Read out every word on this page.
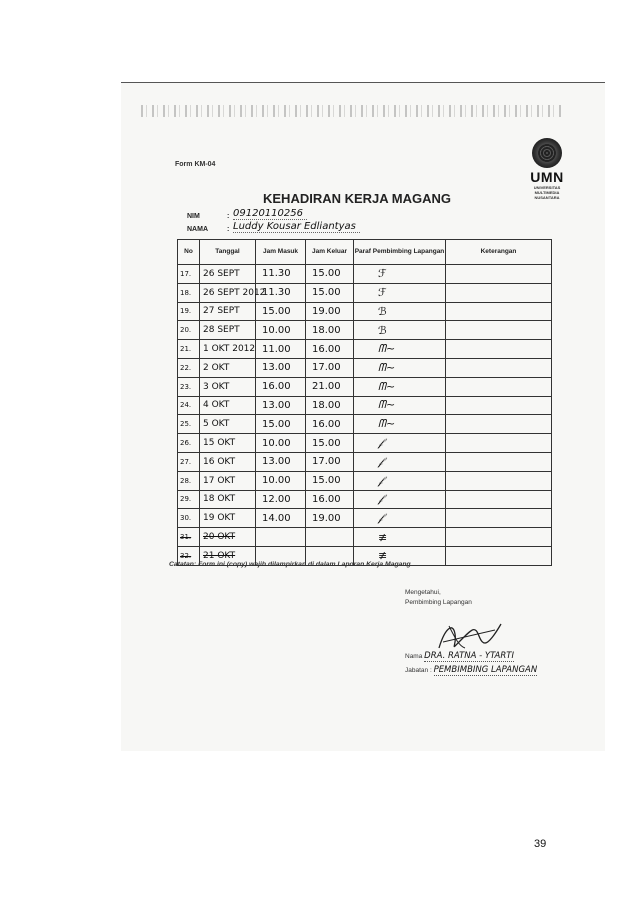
Form KM-04
UMN
UNIVERSITAS
MULTIMEDIA
NUSANTARA
KEHADIRAN KERJA MAGANG
NIM	: 09120110256
NAMA	: Luddy Kousar Edliantyas
No	Tanggal	Jam Masuk	Jam Keluar	Paraf Pembimbing Lapangan	Keterangan
17.	26 SEPT	11.30	15.00	ℱ	
18.	26 SEPT 2012	11.30	15.00	ℱ	
19.	27 SEPT	15.00	19.00	ℬ	
20.	28 SEPT	10.00	18.00	ℬ	
21.	1 OKT 2012	11.00	16.00	ᗰ~	
22.	2 OKT	13.00	17.00	ᗰ~	
23.	3 OKT	16.00	21.00	ᗰ~	
24.	4 OKT	13.00	18.00	ᗰ~	
25.	5 OKT	15.00	16.00	ᗰ~	
26.	15 OKT	10.00	15.00	𝒻	
27.	16 OKT	13.00	17.00	𝒻	
28.	17 OKT	10.00	15.00	𝒻	
29.	18 OKT	12.00	16.00	𝒻	
30.	19 OKT	14.00	19.00	𝒻	
31.	20 OKT			≢	
32.	21 OKT			≢	
Catatan: Form ini (copy) wajib dilampirkan di dalam Laporan Kerja Magang
Mengetahui,
Pembimbing Lapangan
Nama DRA. RATNA - YTARTI
Jabatan : PEMBIMBING LAPANGAN
39
